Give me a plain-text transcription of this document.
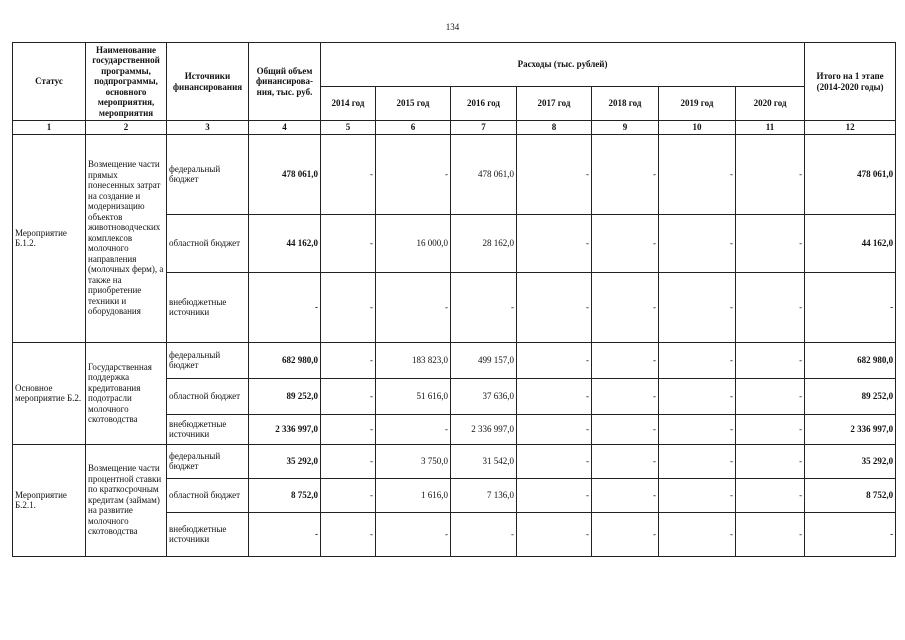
134
Статус	Наименование государственной программы, подпрограммы, основного мероприятия, мероприятия	Источники финансирования	Общий объем финансирова-ния, тыс. руб.	Расходы (тыс. рублей)							Итого на 1 этапе (2014-2020 годы)
				2014 год	2015 год	2016 год	2017 год	2018 год	2019 год	2020 год	
1	2	3	4	5	6	7	8	9	10	11	12
Мероприятие Б.1.2.	Возмещение части прямых понесенных затрат на создание и модернизацию объектов животноводческих комплексов молочного направления (молочных ферм), а также на приобретение техники и оборудования	федеральный бюджет	478 061,0	-	-	478 061,0	-	-	-	-	478 061,0
		областной бюджет	44 162,0	-	16 000,0	28 162,0	-	-	-	-	44 162,0
		внебюджетные источники	-	-	-	-	-	-	-	-	-
Основное мероприятие Б.2.	Государственная поддержка кредитования подотрасли молочного скотоводства	федеральный бюджет	682 980,0	-	183 823,0	499 157,0	-	-	-	-	682 980,0
		областной бюджет	89 252,0	-	51 616,0	37 636,0	-	-	-	-	89 252,0
		внебюджетные источники	2 336 997,0	-	-	2 336 997,0	-	-	-	-	2 336 997,0
Мероприятие Б.2.1.	Возмещение части процентной ставки по краткосрочным кредитам (займам) на развитие молочного скотоводства	федеральный бюджет	35 292,0	-	3 750,0	31 542,0	-	-	-	-	35 292,0
		областной бюджет	8 752,0	-	1 616,0	7 136,0	-	-	-	-	8 752,0
		внебюджетные источники	-	-	-	-	-	-	-	-	-
